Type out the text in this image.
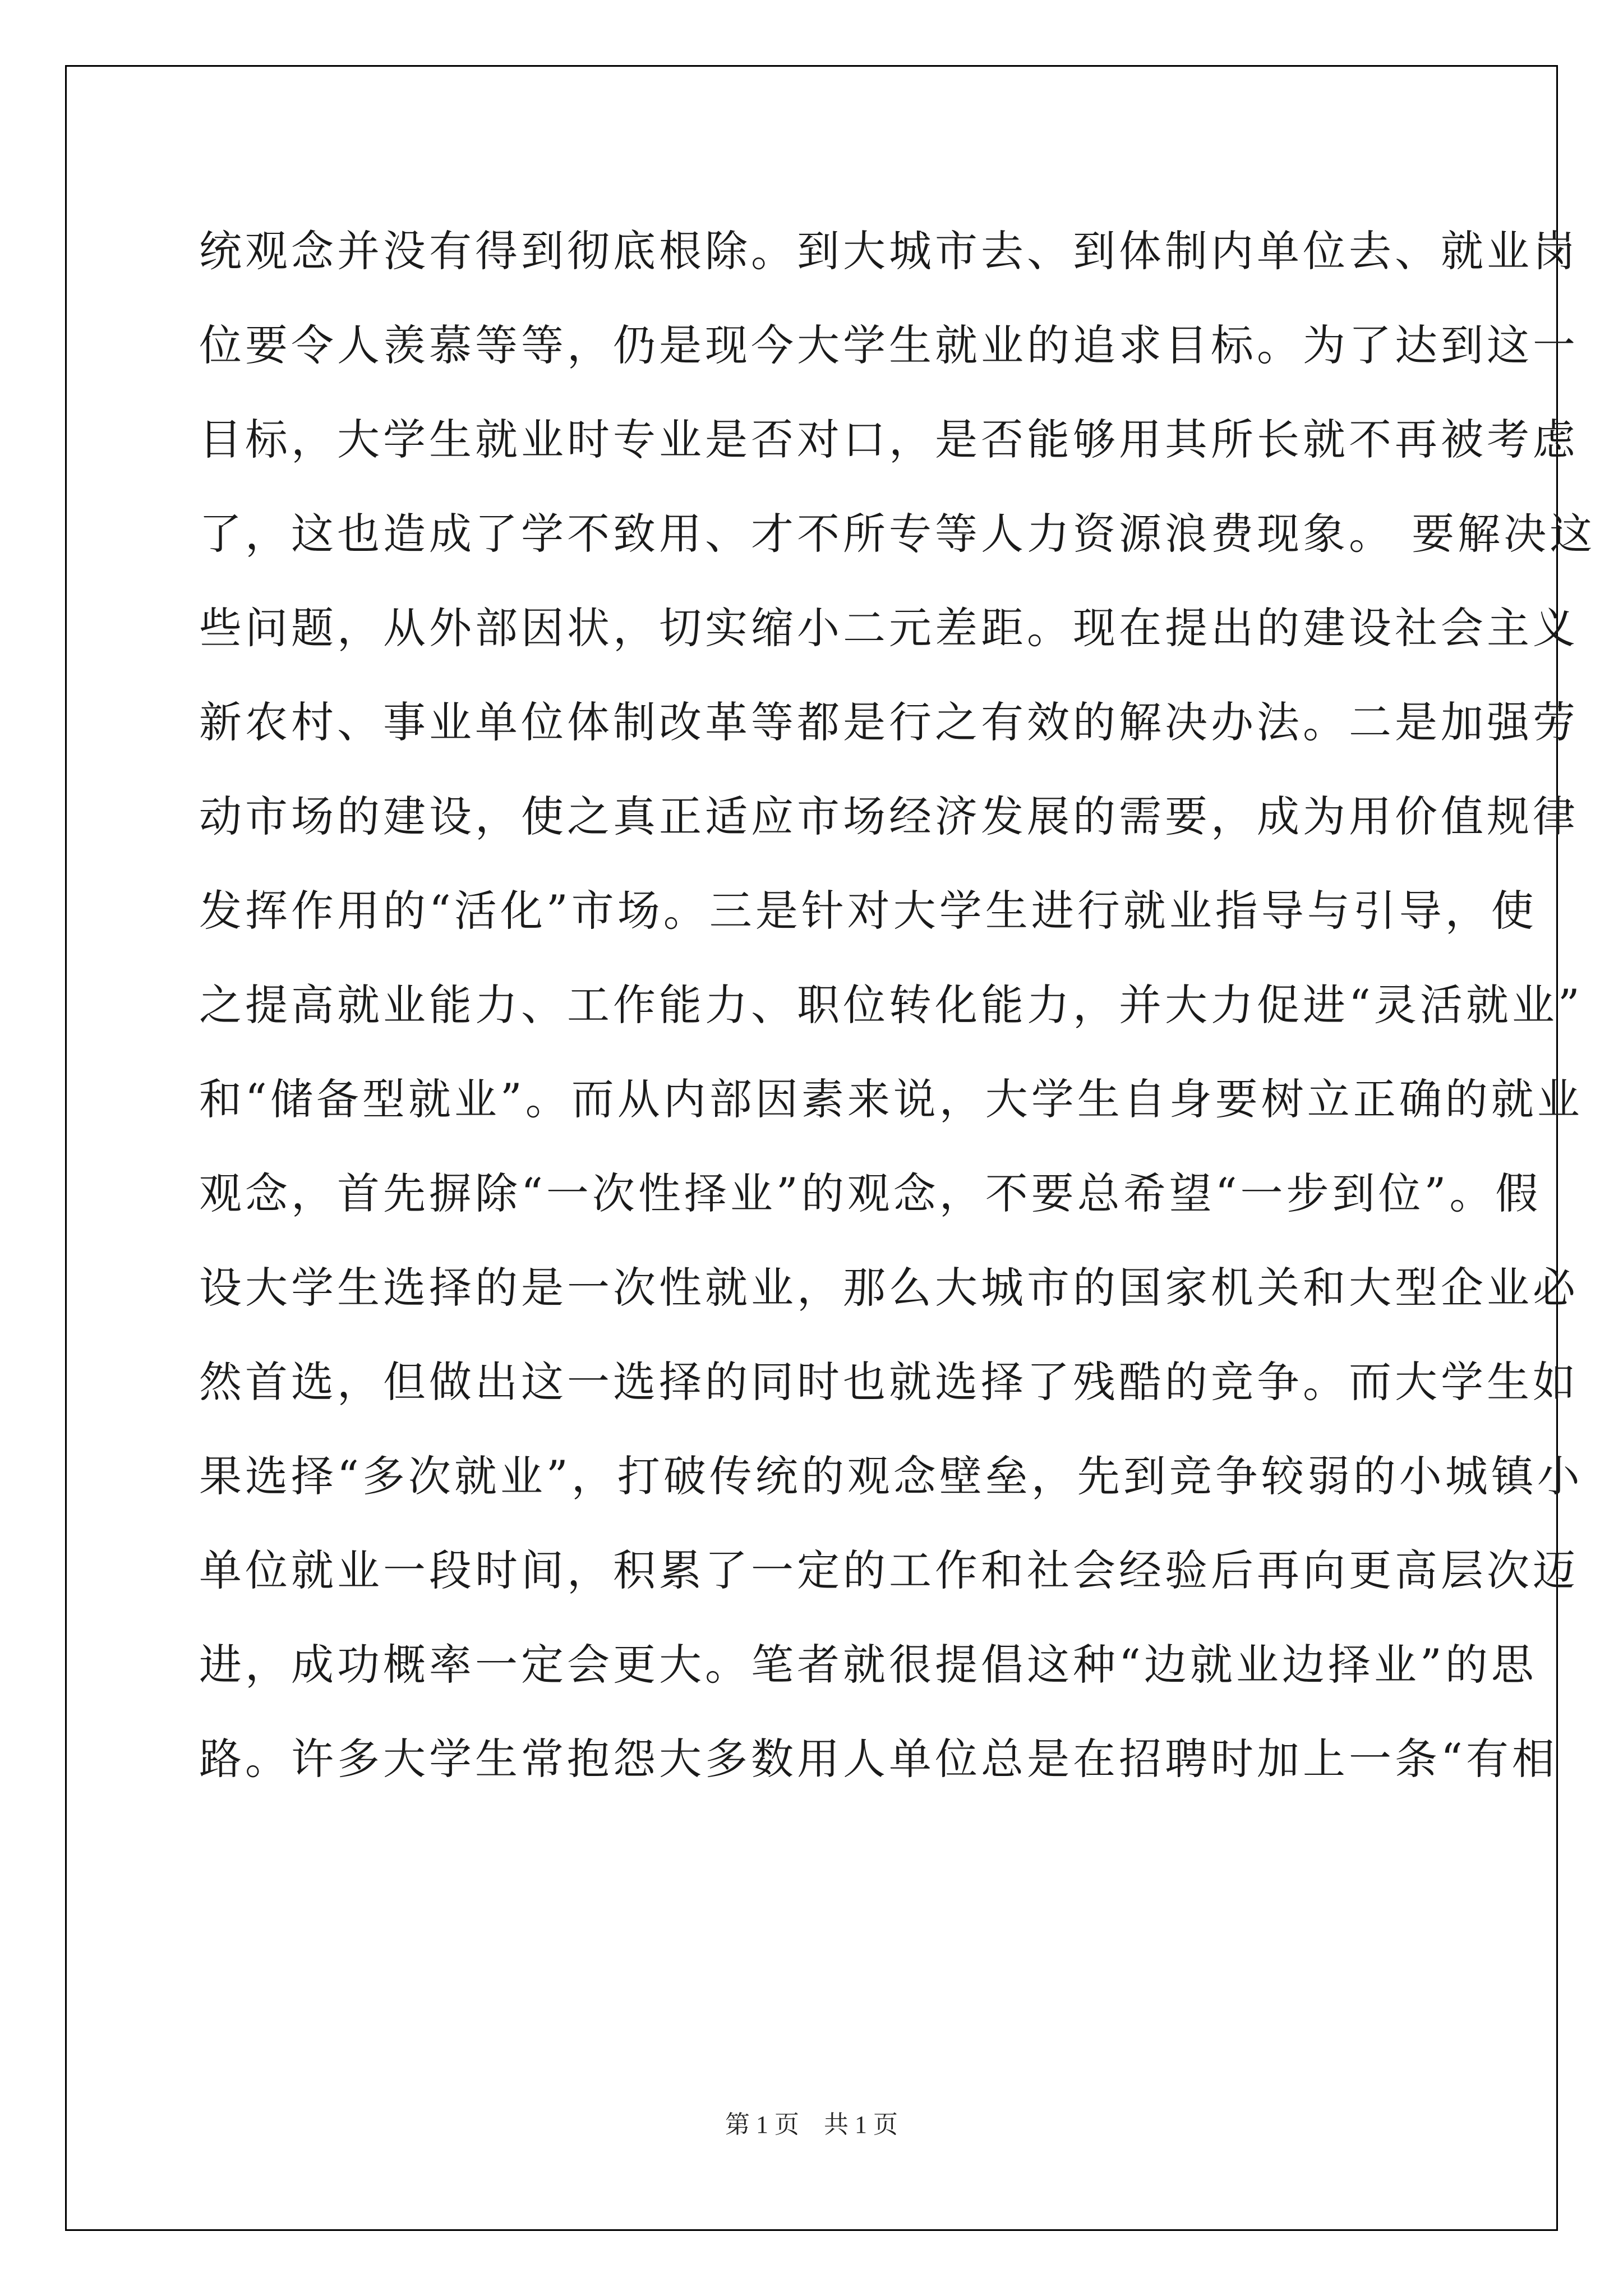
统观念并没有得到彻底根除。到大城市去、到体制内单位去、就业岗
位要令人羡慕等等，仍是现今大学生就业的追求目标。为了达到这一
目标，大学生就业时专业是否对口，是否能够用其所长就不再被考虑
了，这也造成了学不致用、才不所专等人力资源浪费现象。 要解决这
些问题，从外部因状，切实缩小二元差距。现在提出的建设社会主义
新农村、事业单位体制改革等都是行之有效的解决办法。二是加强劳
动市场的建设，使之真正适应市场经济发展的需要，成为用价值规律
发挥作用的“活化”市场。三是针对大学生进行就业指导与引导，使
之提高就业能力、工作能力、职位转化能力，并大力促进“灵活就业”
和“储备型就业”。而从内部因素来说，大学生自身要树立正确的就业
观念，首先摒除“一次性择业”的观念，不要总希望“一步到位”。假
设大学生选择的是一次性就业，那么大城市的国家机关和大型企业必
然首选，但做出这一选择的同时也就选择了残酷的竞争。而大学生如
果选择“多次就业”，打破传统的观念壁垒，先到竞争较弱的小城镇小
单位就业一段时间，积累了一定的工作和社会经验后再向更高层次迈
进，成功概率一定会更大。笔者就很提倡这种“边就业边择业”的思
路。许多大学生常抱怨大多数用人单位总是在招聘时加上一条“有相
第 1 页　共 1 页
